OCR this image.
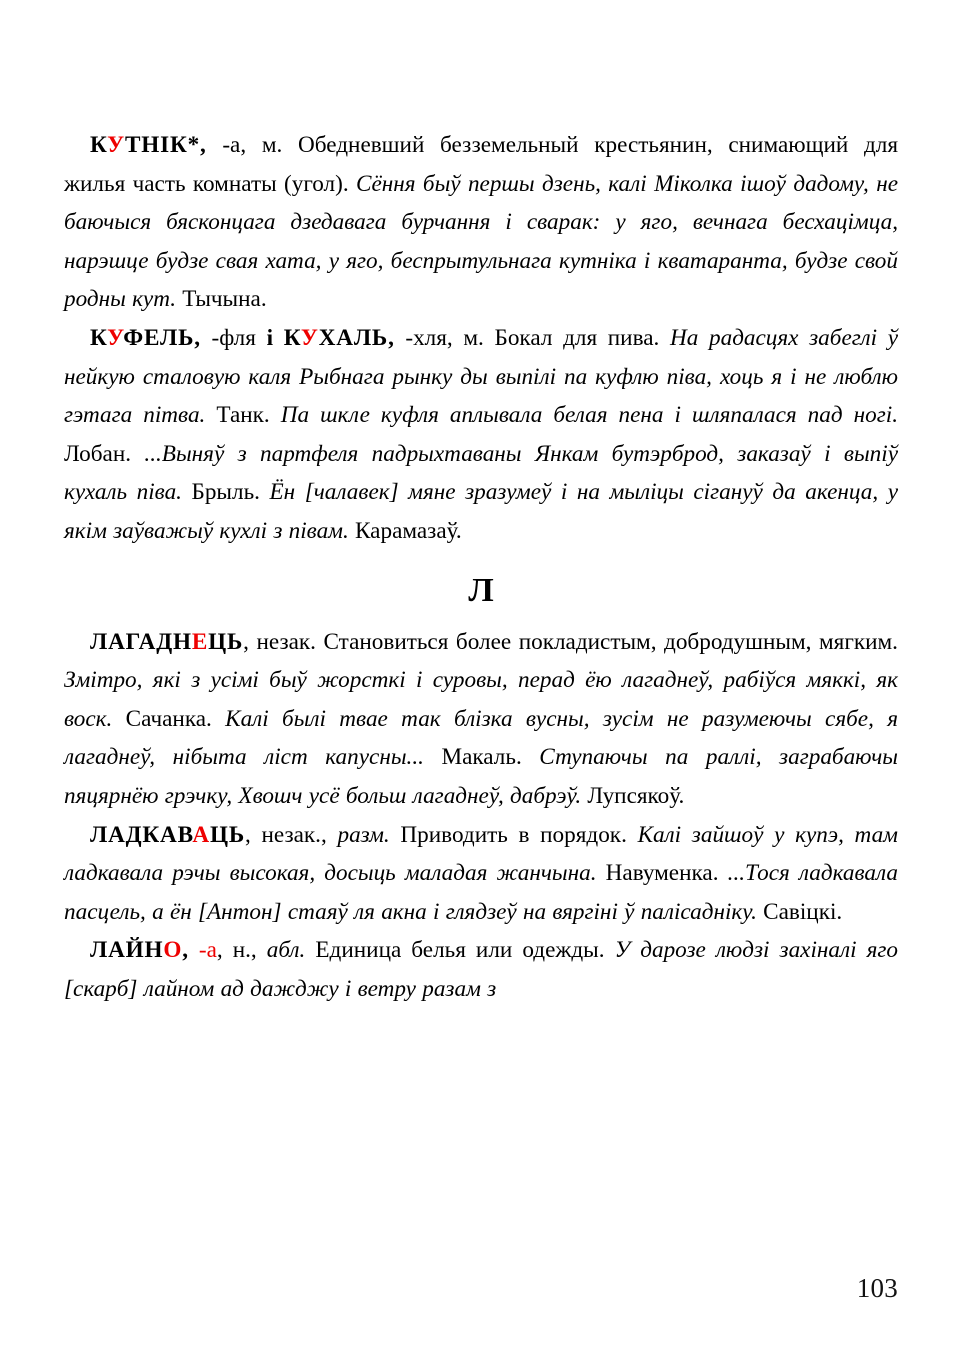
КУТНІК*, -а, м. Обедневший безземельный крестьянин, снимающий для жилья часть комнаты (угол). Сёння быў першы дзень, калі Міколка ішоў дадому, не баючыся бясконцага дзедавага бурчання і сварак: у яго, вечнага бесхацімца, нарэшце будзе свая хата, у яго, беспрытульнага кутніка і кватаранта, будзе свой родны кут. Тычына.

КУФЕЛЬ, -фля і КУХАЛЬ, -хля, м. Бокал для пива. На радасцях забеглі ў нейкую сталовую каля Рыбнага рынку ды выпілі па куфлю піва, хоць я і не люблю гэтага пітва. Танк. Па шкле куфля аплывала белая пена і шляпалася пад ногі. Лобан. ...Выняў з партфеля падрыхтаваны Янкам бутэрброд, заказаў і выпіў кухаль піва. Брыль. Ён [чалавек] мяне зразумеў і на мыліцы сігануў да акенца, у якім заўважыў кухлі з півам. Карамазаў.

Л

ЛАГАДНЕЦЬ, незак. Становиться более покладистым, добродушным, мягким. Змітро, які з усімі быў жорсткі і суровы, перад ёю лагаднеў, рабіўся мяккі, як воск. Сачанка. Калі былі твае так блізка вусны, зусім не разумеючы сябе, я лагаднеў, нібыта ліст капусны... Макаль. Ступаючы па раллі, заграбаючы пяцярнёю грэчку, Хвошч усё больш лагаднеў, дабрэў. Лупсякоў.

ЛАДКАВАЦЬ, незак., разм. Приводить в порядок. Калі зайшоў у купэ, там ладкавала рэчы высокая, досыць маладая жанчына. Навуменка. ...Тося ладкавала пасцель, а ён [Антон] стаяў ля акна і глядзеў на вяргіні ў палісадніку. Савіцкі.

ЛАЙНО, -а, н., абл. Единица белья или одежды. У дарозе людзі захіналі яго [скарб] лайном ад дажджу і ветру разам з

103
